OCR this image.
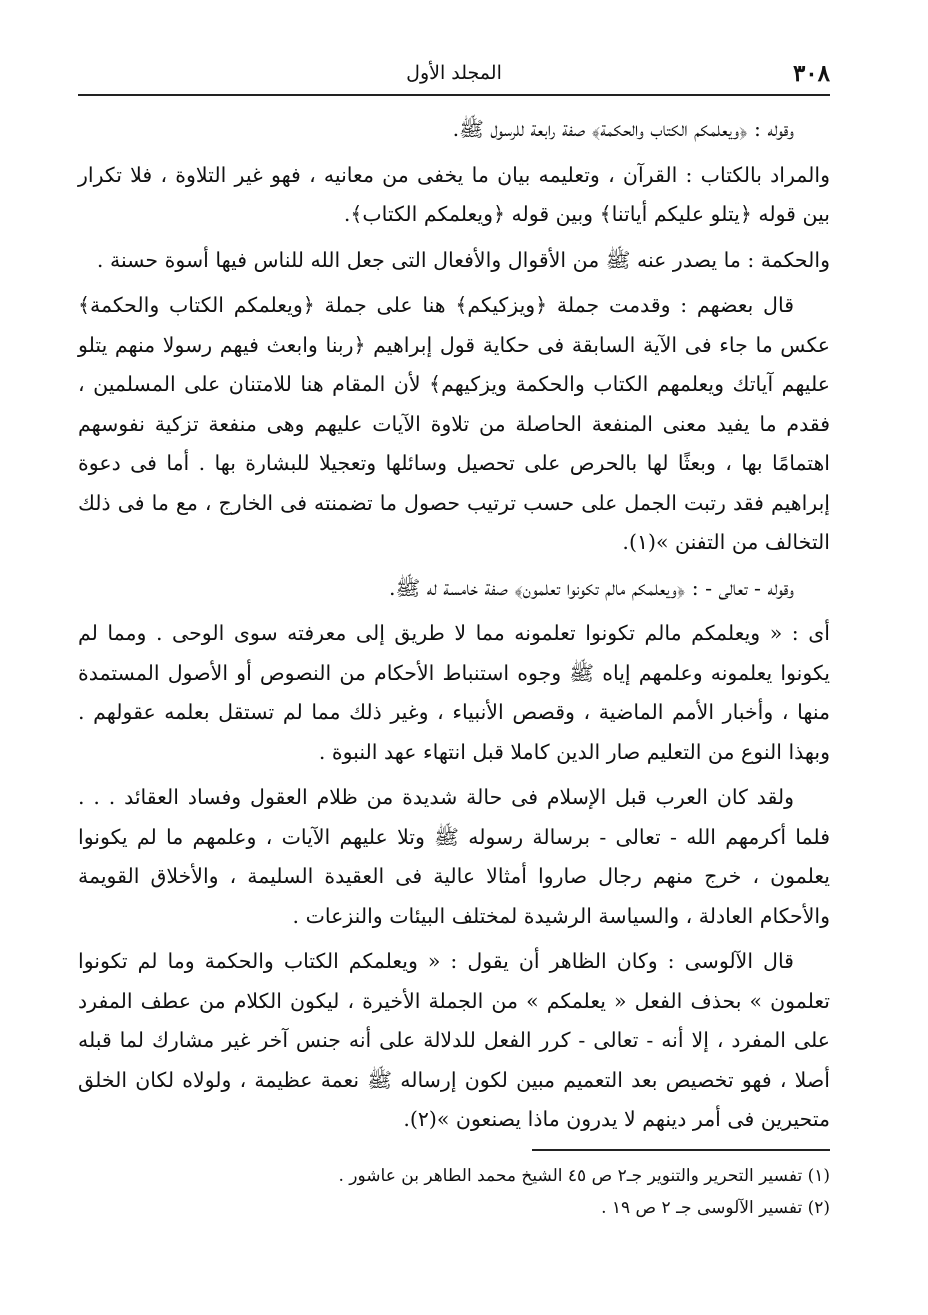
٣٠٨
المجلد الأول

وقوله : ﴿ويعلمكم الكتاب والحكمة﴾ صفة رابعة للرسول ﷺ.

والمراد بالكتاب : القرآن ، وتعليمه بيان ما يخفى من معانيه ، فهو غير التلاوة ، فلا تكرار بين قوله ﴿يتلو عليكم أياتنا﴾ وبين قوله ﴿ويعلمكم الكتاب﴾.

والحكمة : ما يصدر عنه ﷺ من الأقوال والأفعال التى جعل الله للناس فيها أسوة حسنة .

قال بعضهم : وقدمت جملة ﴿ويزكيكم﴾ هنا على جملة ﴿ويعلمكم الكتاب والحكمة﴾ عكس ما جاء فى الآية السابقة فى حكاية قول إبراهيم ﴿ربنا وابعث فيهم رسولا منهم يتلو عليهم آياتك ويعلمهم الكتاب والحكمة ويزكيهم﴾ لأن المقام هنا للامتنان على المسلمين ، فقدم ما يفيد معنى المنفعة الحاصلة من تلاوة الآيات عليهم وهى منفعة تزكية نفوسهم اهتمامًا بها ، وبعثًا لها بالحرص على تحصيل وسائلها وتعجيلا للبشارة بها . أما فى دعوة إبراهيم فقد رتبت الجمل على حسب ترتيب حصول ما تضمنته فى الخارج ، مع ما فى ذلك التخالف من التفنن »(١).

وقوله - تعالى - : ﴿ويعلمكم مالم تكونوا تعلمون﴾ صفة خامسة له ﷺ.

أى : « ويعلمكم مالم تكونوا تعلمونه مما لا طريق إلى معرفته سوى الوحى . ومما لم يكونوا يعلمونه وعلمهم إياه ﷺ وجوه استنباط الأحكام من النصوص أو الأصول المستمدة منها ، وأخبار الأمم الماضية ، وقصص الأنبياء ، وغير ذلك مما لم تستقل بعلمه عقولهم . وبهذا النوع من التعليم صار الدين كاملا قبل انتهاء عهد النبوة .

ولقد كان العرب قبل الإسلام فى حالة شديدة من ظلام العقول وفساد العقائد . . . فلما أكرمهم الله - تعالى - برسالة رسوله ﷺ وتلا عليهم الآيات ، وعلمهم ما لم يكونوا يعلمون ، خرج منهم رجال صاروا أمثالا عالية فى العقيدة السليمة ، والأخلاق القويمة والأحكام العادلة ، والسياسة الرشيدة لمختلف البيئات والنزعات .

قال الآلوسى : وكان الظاهر أن يقول : « ويعلمكم الكتاب والحكمة وما لم تكونوا تعلمون » بحذف الفعل « يعلمكم » من الجملة الأخيرة ، ليكون الكلام من عطف المفرد على المفرد ، إلا أنه - تعالى - كرر الفعل للدلالة على أنه جنس آخر غير مشارك لما قبله أصلا ، فهو تخصيص بعد التعميم مبين لكون إرساله ﷺ نعمة عظيمة ، ولولاه لكان الخلق متحيرين فى أمر دينهم لا يدرون ماذا يصنعون »(٢).

(١) تفسير التحرير والتنوير جـ٢ ص ٤٥ الشيخ محمد الطاهر بن عاشور .

(٢) تفسير الآلوسى جـ ٢ ص ١٩ .
